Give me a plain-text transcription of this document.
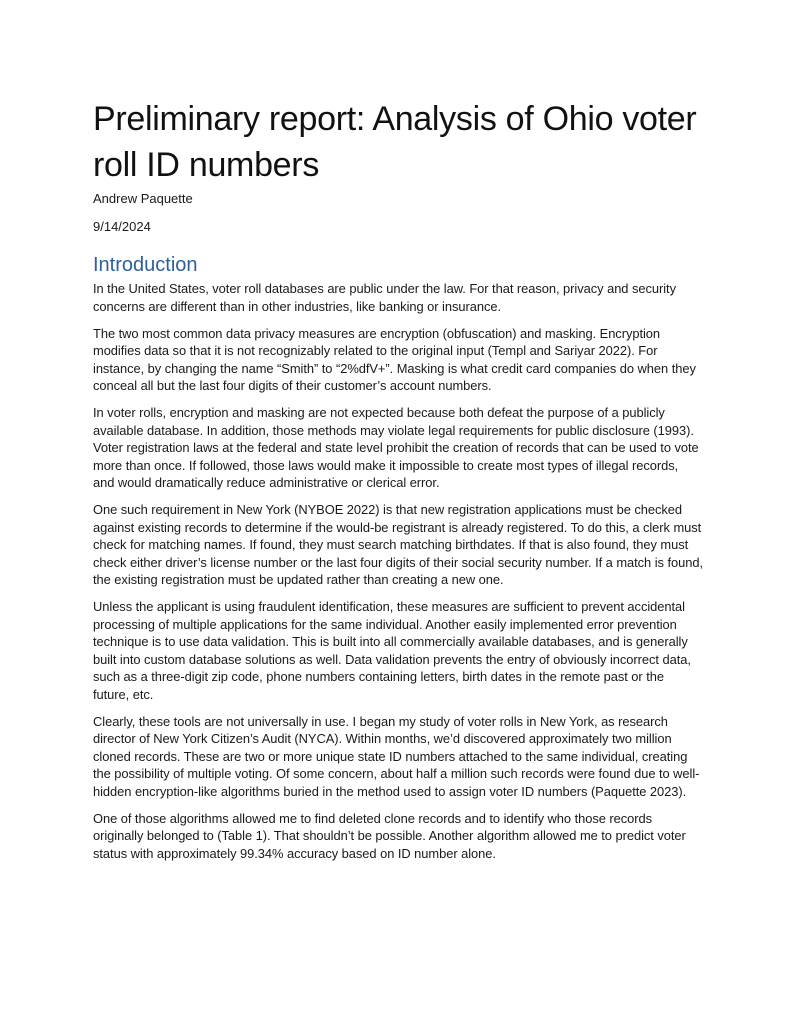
Preliminary report: Analysis of Ohio voter roll ID numbers

Andrew Paquette

9/14/2024

Introduction

In the United States, voter roll databases are public under the law. For that reason, privacy and security concerns are different than in other industries, like banking or insurance.

The two most common data privacy measures are encryption (obfuscation) and masking. Encryption modifies data so that it is not recognizably related to the original input (Templ and Sariyar 2022). For instance, by changing the name “Smith” to “2%dfV+”. Masking is what credit card companies do when they conceal all but the last four digits of their customer’s account numbers.

In voter rolls, encryption and masking are not expected because both defeat the purpose of a publicly available database. In addition, those methods may violate legal requirements for public disclosure (1993). Voter registration laws at the federal and state level prohibit the creation of records that can be used to vote more than once. If followed, those laws would make it impossible to create most types of illegal records, and would dramatically reduce administrative or clerical error.

One such requirement in New York (NYBOE 2022) is that new registration applications must be checked against existing records to determine if the would-be registrant is already registered. To do this, a clerk must check for matching names. If found, they must search matching birthdates. If that is also found, they must check either driver’s license number or the last four digits of their social security number. If a match is found, the existing registration must be updated rather than creating a new one.

Unless the applicant is using fraudulent identification, these measures are sufficient to prevent accidental processing of multiple applications for the same individual. Another easily implemented error prevention technique is to use data validation. This is built into all commercially available databases, and is generally built into custom database solutions as well. Data validation prevents the entry of obviously incorrect data, such as a three-digit zip code, phone numbers containing letters, birth dates in the remote past or the future, etc.

Clearly, these tools are not universally in use. I began my study of voter rolls in New York, as research director of New York Citizen’s Audit (NYCA). Within months, we’d discovered approximately two million cloned records. These are two or more unique state ID numbers attached to the same individual, creating the possibility of multiple voting. Of some concern, about half a million such records were found due to well-hidden encryption-like algorithms buried in the method used to assign voter ID numbers (Paquette 2023).

One of those algorithms allowed me to find deleted clone records and to identify who those records originally belonged to (Table 1). That shouldn’t be possible. Another algorithm allowed me to predict voter status with approximately 99.34% accuracy based on ID number alone.
